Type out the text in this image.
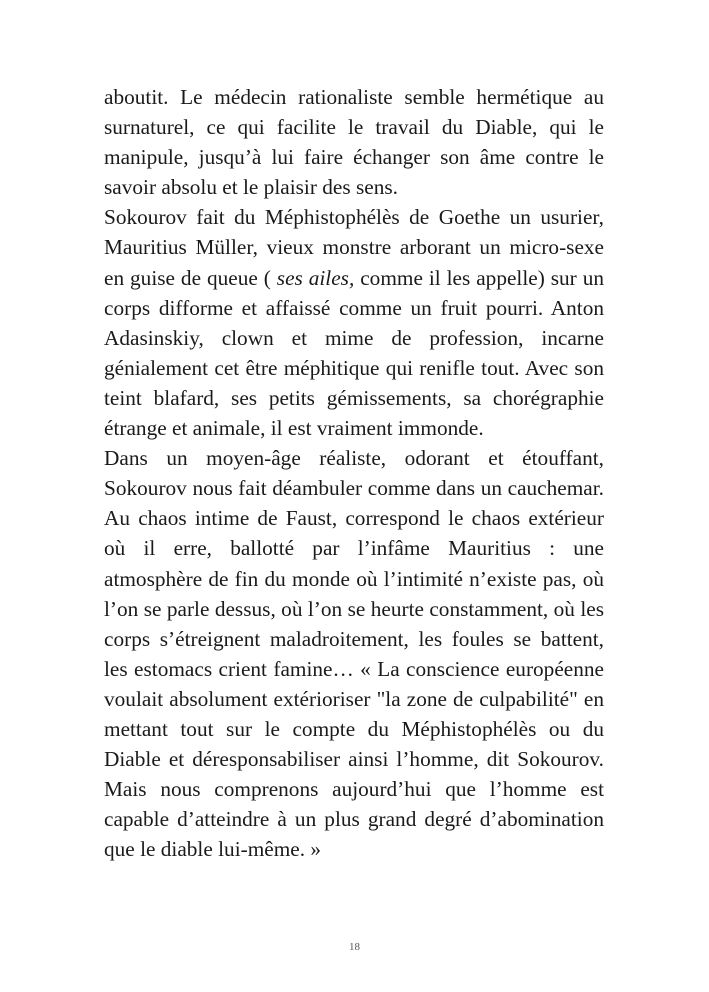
aboutit. Le médecin rationaliste semble hermétique au surnaturel, ce qui facilite le travail du Diable, qui le manipule, jusqu’à lui faire échanger son âme contre le savoir absolu et le plaisir des sens.

Sokourov fait du Méphistophélès de Goethe un usurier, Mauritius Müller, vieux monstre arborant un micro-sexe en guise de queue ( ses ailes, comme il les appelle) sur un corps difforme et affaissé comme un fruit pourri. Anton Adasinskiy, clown et mime de profession, incarne génialement cet être méphitique qui renifle tout. Avec son teint blafard, ses petits gémissements, sa chorégraphie étrange et animale, il est vraiment immonde.

Dans un moyen-âge réaliste, odorant et étouffant, Sokourov nous fait déambuler comme dans un cauchemar. Au chaos intime de Faust, correspond le chaos extérieur où il erre, ballotté par l’infâme Mauritius : une atmosphère de fin du monde où l’intimité n’existe pas, où l’on se parle dessus, où l’on se heurte constamment, où les corps s’étreignent maladroitement, les foules se battent, les estomacs crient famine… « La conscience européenne voulait absolument extérioriser "la zone de culpabilité" en mettant tout sur le compte du Méphistophélès ou du Diable et déresponsabiliser ainsi l’homme, dit Sokourov. Mais nous comprenons aujourd’hui que l’homme est capable d’atteindre à un plus grand degré d’abomination que le diable lui-même. »

18
